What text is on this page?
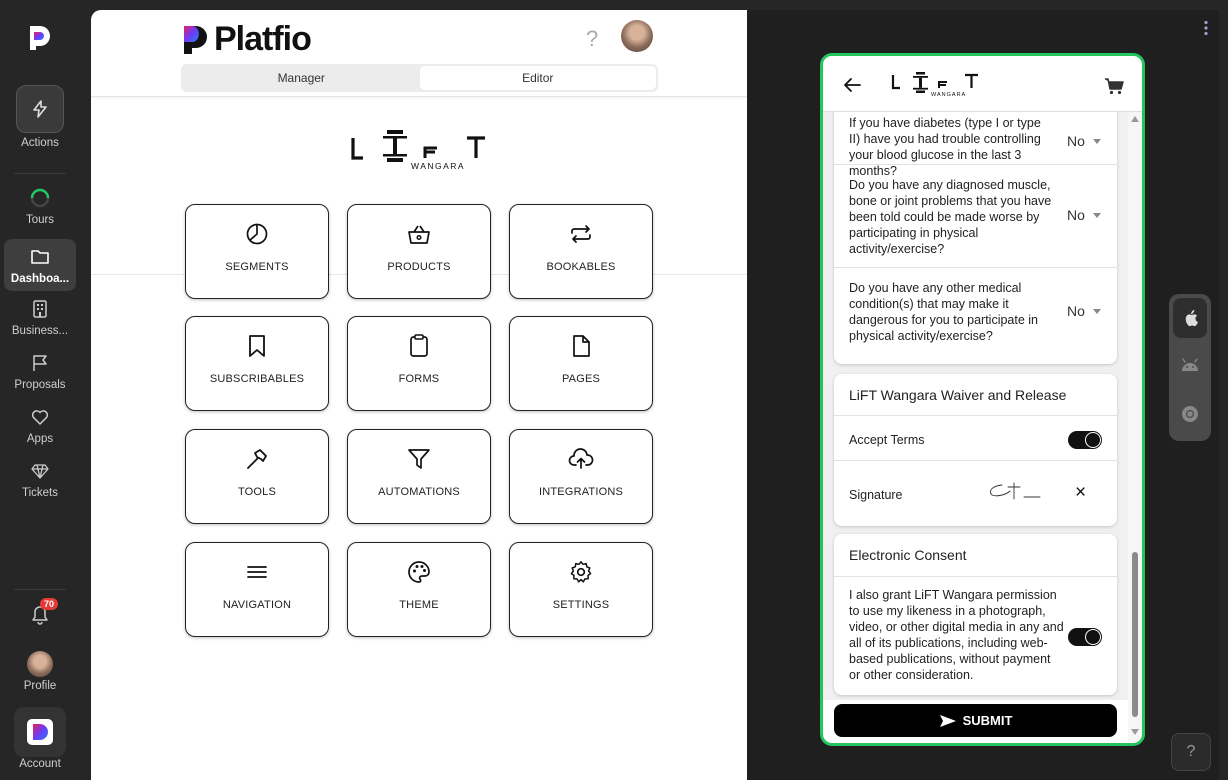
Actions
Tours
Dashboa...
Business...
Proposals
Apps
Tickets
70
Profile
Account
Platfio	?
Manager	Editor
WANGARA
SEGMENTS	PRODUCTS	BOOKABLES
SUBSCRIBABLES	FORMS	PAGES
TOOLS	AUTOMATIONS	INTEGRATIONS
NAVIGATION	THEME	SETTINGS
WANGARA
If you have diabetes (type I or type II) have you had trouble controlling your blood glucose in the last 3 months?
No
Do you have any diagnosed muscle, bone or joint problems that you have been told could be made worse by participating in physical activity/exercise?
No
Do you have any other medical condition(s) that may make it dangerous for you to participate in physical activity/exercise?
No
LiFT Wangara Waiver and Release
Accept Terms
Signature	×
Electronic Consent
I also grant LiFT Wangara permission to use my likeness in a photograph, video, or other digital media in any and all of its publications, including web-based publications, without payment or other consideration.
SUBMIT
?
